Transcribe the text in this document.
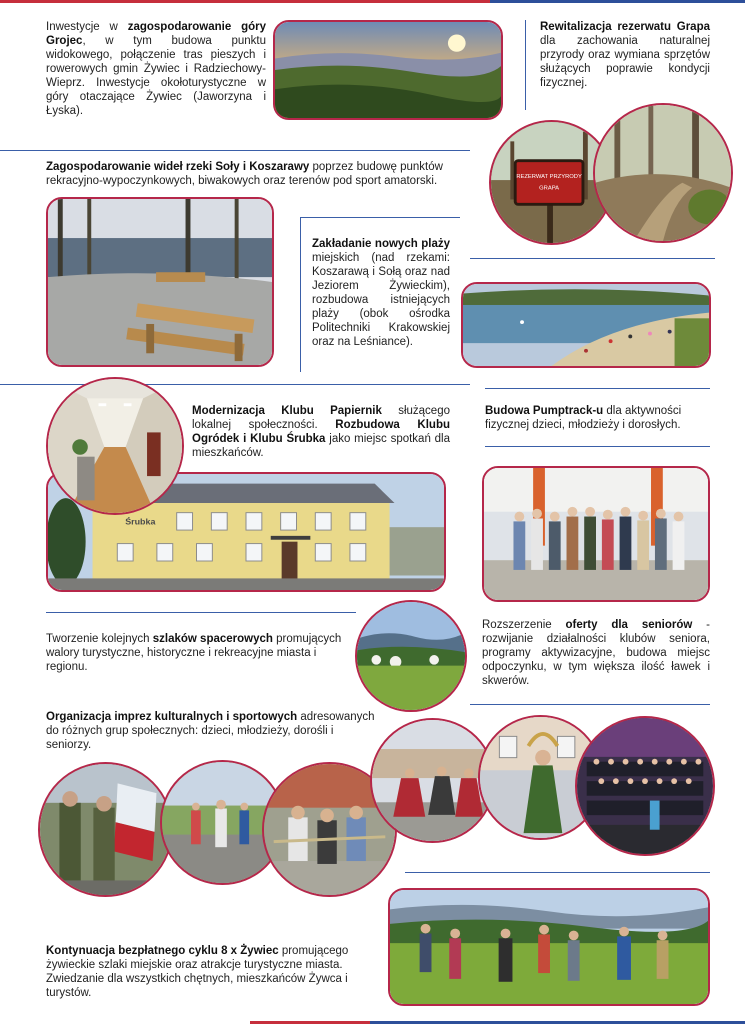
Inwestycje w zagospodarowanie góry Grojec, w tym budowa punktu widokowego, połączenie tras pieszych i rowerowych gmin Żywiec i Radziechowy-Wieprz. Inwestycje okołoturystyczne w góry otaczające Żywiec (Jaworzyna i Łyska).

Rewitalizacja rezerwatu Grapa dla zachowania naturalnej przyrody oraz wymiana sprzętów służących poprawie kondycji fizycznej.

REZERWAT PRZYRODY
GRAPA

Zagospodarowanie wideł rzeki Soły i Koszarawy poprzez budowę punktów rekracyjno-wypoczynkowych, biwakowych oraz terenów pod sport amatorski.

Zakładanie nowych plaży miejskich (nad rzekami: Koszarawą i Sołą oraz nad Jeziorem Żywieckim), rozbudowa istniejących plaży (obok ośrodka Politechniki Krakowskiej oraz na Leśniance).

Modernizacja Klubu Papiernik służącego lokalnej społeczności. Rozbudowa Klubu Ogródek i Klubu Śrubka jako miejsc spotkań dla mieszkańców.

Śrubka

Budowa Pumptrack-u dla aktywności fizycznej dzieci, młodzieży i dorosłych.

Tworzenie kolejnych szlaków spacerowych promujących walory turystyczne, historyczne i rekreacyjne miasta i regionu.

Rozszerzenie oferty dla seniorów - rozwijanie działalności klubów seniora, programy aktywizacyjne, budowa miejsc odpoczynku, w tym większa ilość ławek i skwerów.

Organizacja imprez kulturalnych i sportowych adresowanych do różnych grup społecznych: dzieci, młodzieży, dorośli i seniorzy.

Kontynuacja bezpłatnego cyklu 8 x Żywiec promującego żywieckie szlaki miejskie oraz atrakcje turystyczne miasta. Zwiedzanie dla wszystkich chętnych, mieszkańców Żywca i turystów.
